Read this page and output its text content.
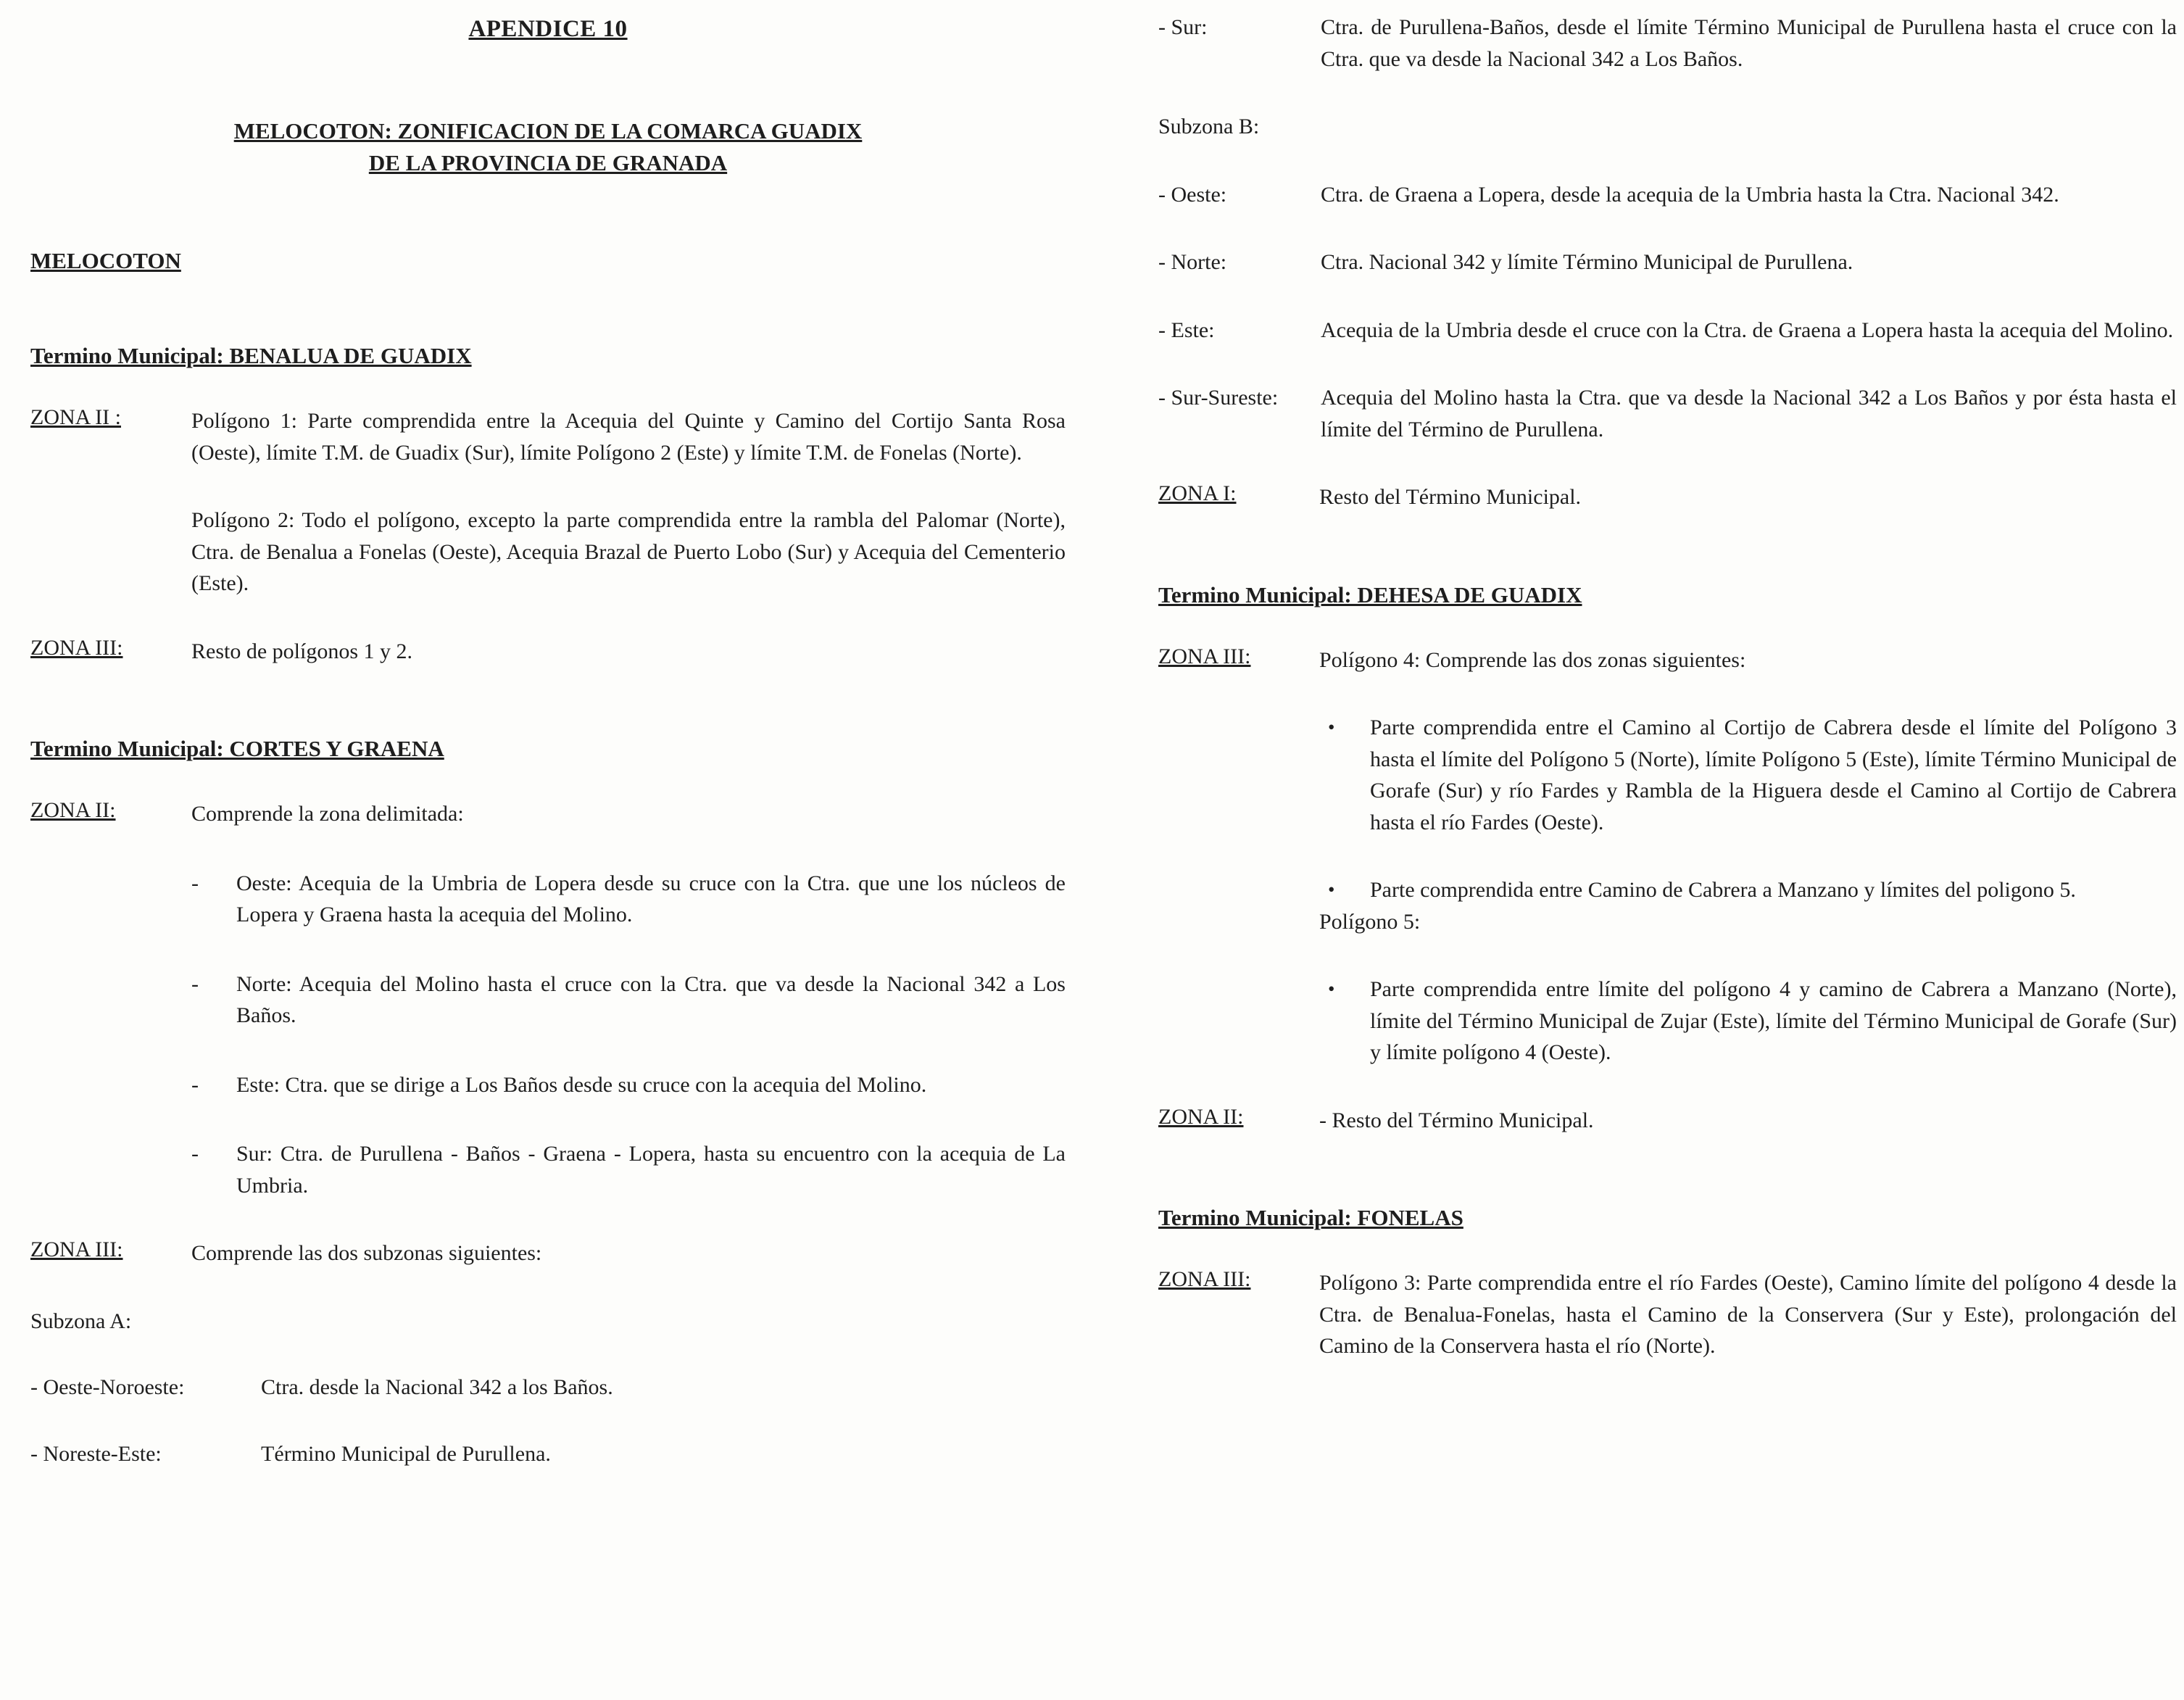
APENDICE 10
MELOCOTON: ZONIFICACION DE LA COMARCA GUADIX
DE LA PROVINCIA DE GRANADA
MELOCOTON
Termino Municipal: BENALUA DE GUADIX
ZONA II :	Polígono 1: Parte comprendida entre la Acequia del Quinte y Camino del Cortijo Santa Rosa (Oeste), límite T.M. de Guadix (Sur), límite Polígono 2 (Este) y límite T.M. de Fonelas (Norte).

Polígono 2: Todo el polígono, excepto la parte comprendida entre la rambla del Palomar (Norte), Ctra. de Benalua a Fonelas (Oeste), Acequia Brazal de Puerto Lobo (Sur) y Acequia del Cementerio (Este).

ZONA III:	Resto de polígonos 1 y 2.

Termino Municipal: CORTES Y GRAENA
ZONA II:	Comprende la zona delimitada:

-	Oeste: Acequia de la Umbria de Lopera desde su cruce con la Ctra. que une los núcleos de Lopera y Graena hasta la acequia del Molino.

-	Norte: Acequia del Molino hasta el cruce con la Ctra. que va desde la Nacional 342 a Los Baños.

-	Este: Ctra. que se dirige a Los Baños desde su cruce con la acequia del Molino.

-	Sur: Ctra. de Purullena - Baños - Graena - Lopera, hasta su encuentro con la acequia de La Umbria.

ZONA III:	Comprende las dos subzonas siguientes:

Subzona A:
- Oeste-Noroeste:	Ctra. desde la Nacional 342 a los Baños.
- Noreste-Este:	Término Municipal de Purullena.
- Sur:	Ctra. de Purullena-Baños, desde el límite Término Municipal de Purullena hasta el cruce con la Ctra. que va desde la Nacional 342 a Los Baños.

Subzona B:
- Oeste:	Ctra. de Graena a Lopera, desde la acequia de la Umbria hasta la Ctra. Nacional 342.

- Norte:	Ctra. Nacional 342 y límite Término Municipal de Purullena.

- Este:	Acequia de la Umbria desde el cruce con la Ctra. de Graena a Lopera hasta la acequia del Molino.

- Sur-Sureste:	Acequia del Molino hasta la Ctra. que va desde la Nacional 342 a Los Baños y por ésta hasta el límite del Término de Purullena.

ZONA I:	Resto del Término Municipal.

Termino Municipal: DEHESA DE GUADIX
ZONA III:	Polígono 4: Comprende las dos zonas siguientes:

•	Parte comprendida entre el Camino al Cortijo de Cabrera desde el límite del Polígono 3 hasta el límite del Polígono 5 (Norte), límite Polígono 5 (Este), límite Término Municipal de Gorafe (Sur) y río Fardes y Rambla de la Higuera desde el Camino al Cortijo de Cabrera hasta el río Fardes (Oeste).

•	Parte comprendida entre Camino de Cabrera a Manzano y límites del poligono 5.

Polígono 5:

•	Parte comprendida entre límite del polígono 4 y camino de Cabrera a Manzano (Norte), límite del Término Municipal de Zujar (Este), límite del Término Municipal de Gorafe (Sur) y límite polígono 4 (Oeste).

ZONA II:	- Resto del Término Municipal.

Termino Municipal: FONELAS
ZONA III:	Polígono 3: Parte comprendida entre el río Fardes (Oeste), Camino límite del polígono 4 desde la Ctra. de Benalua-Fonelas, hasta el Camino de la Conservera (Sur y Este), prolongación del Camino de la Conservera hasta el río (Norte).
